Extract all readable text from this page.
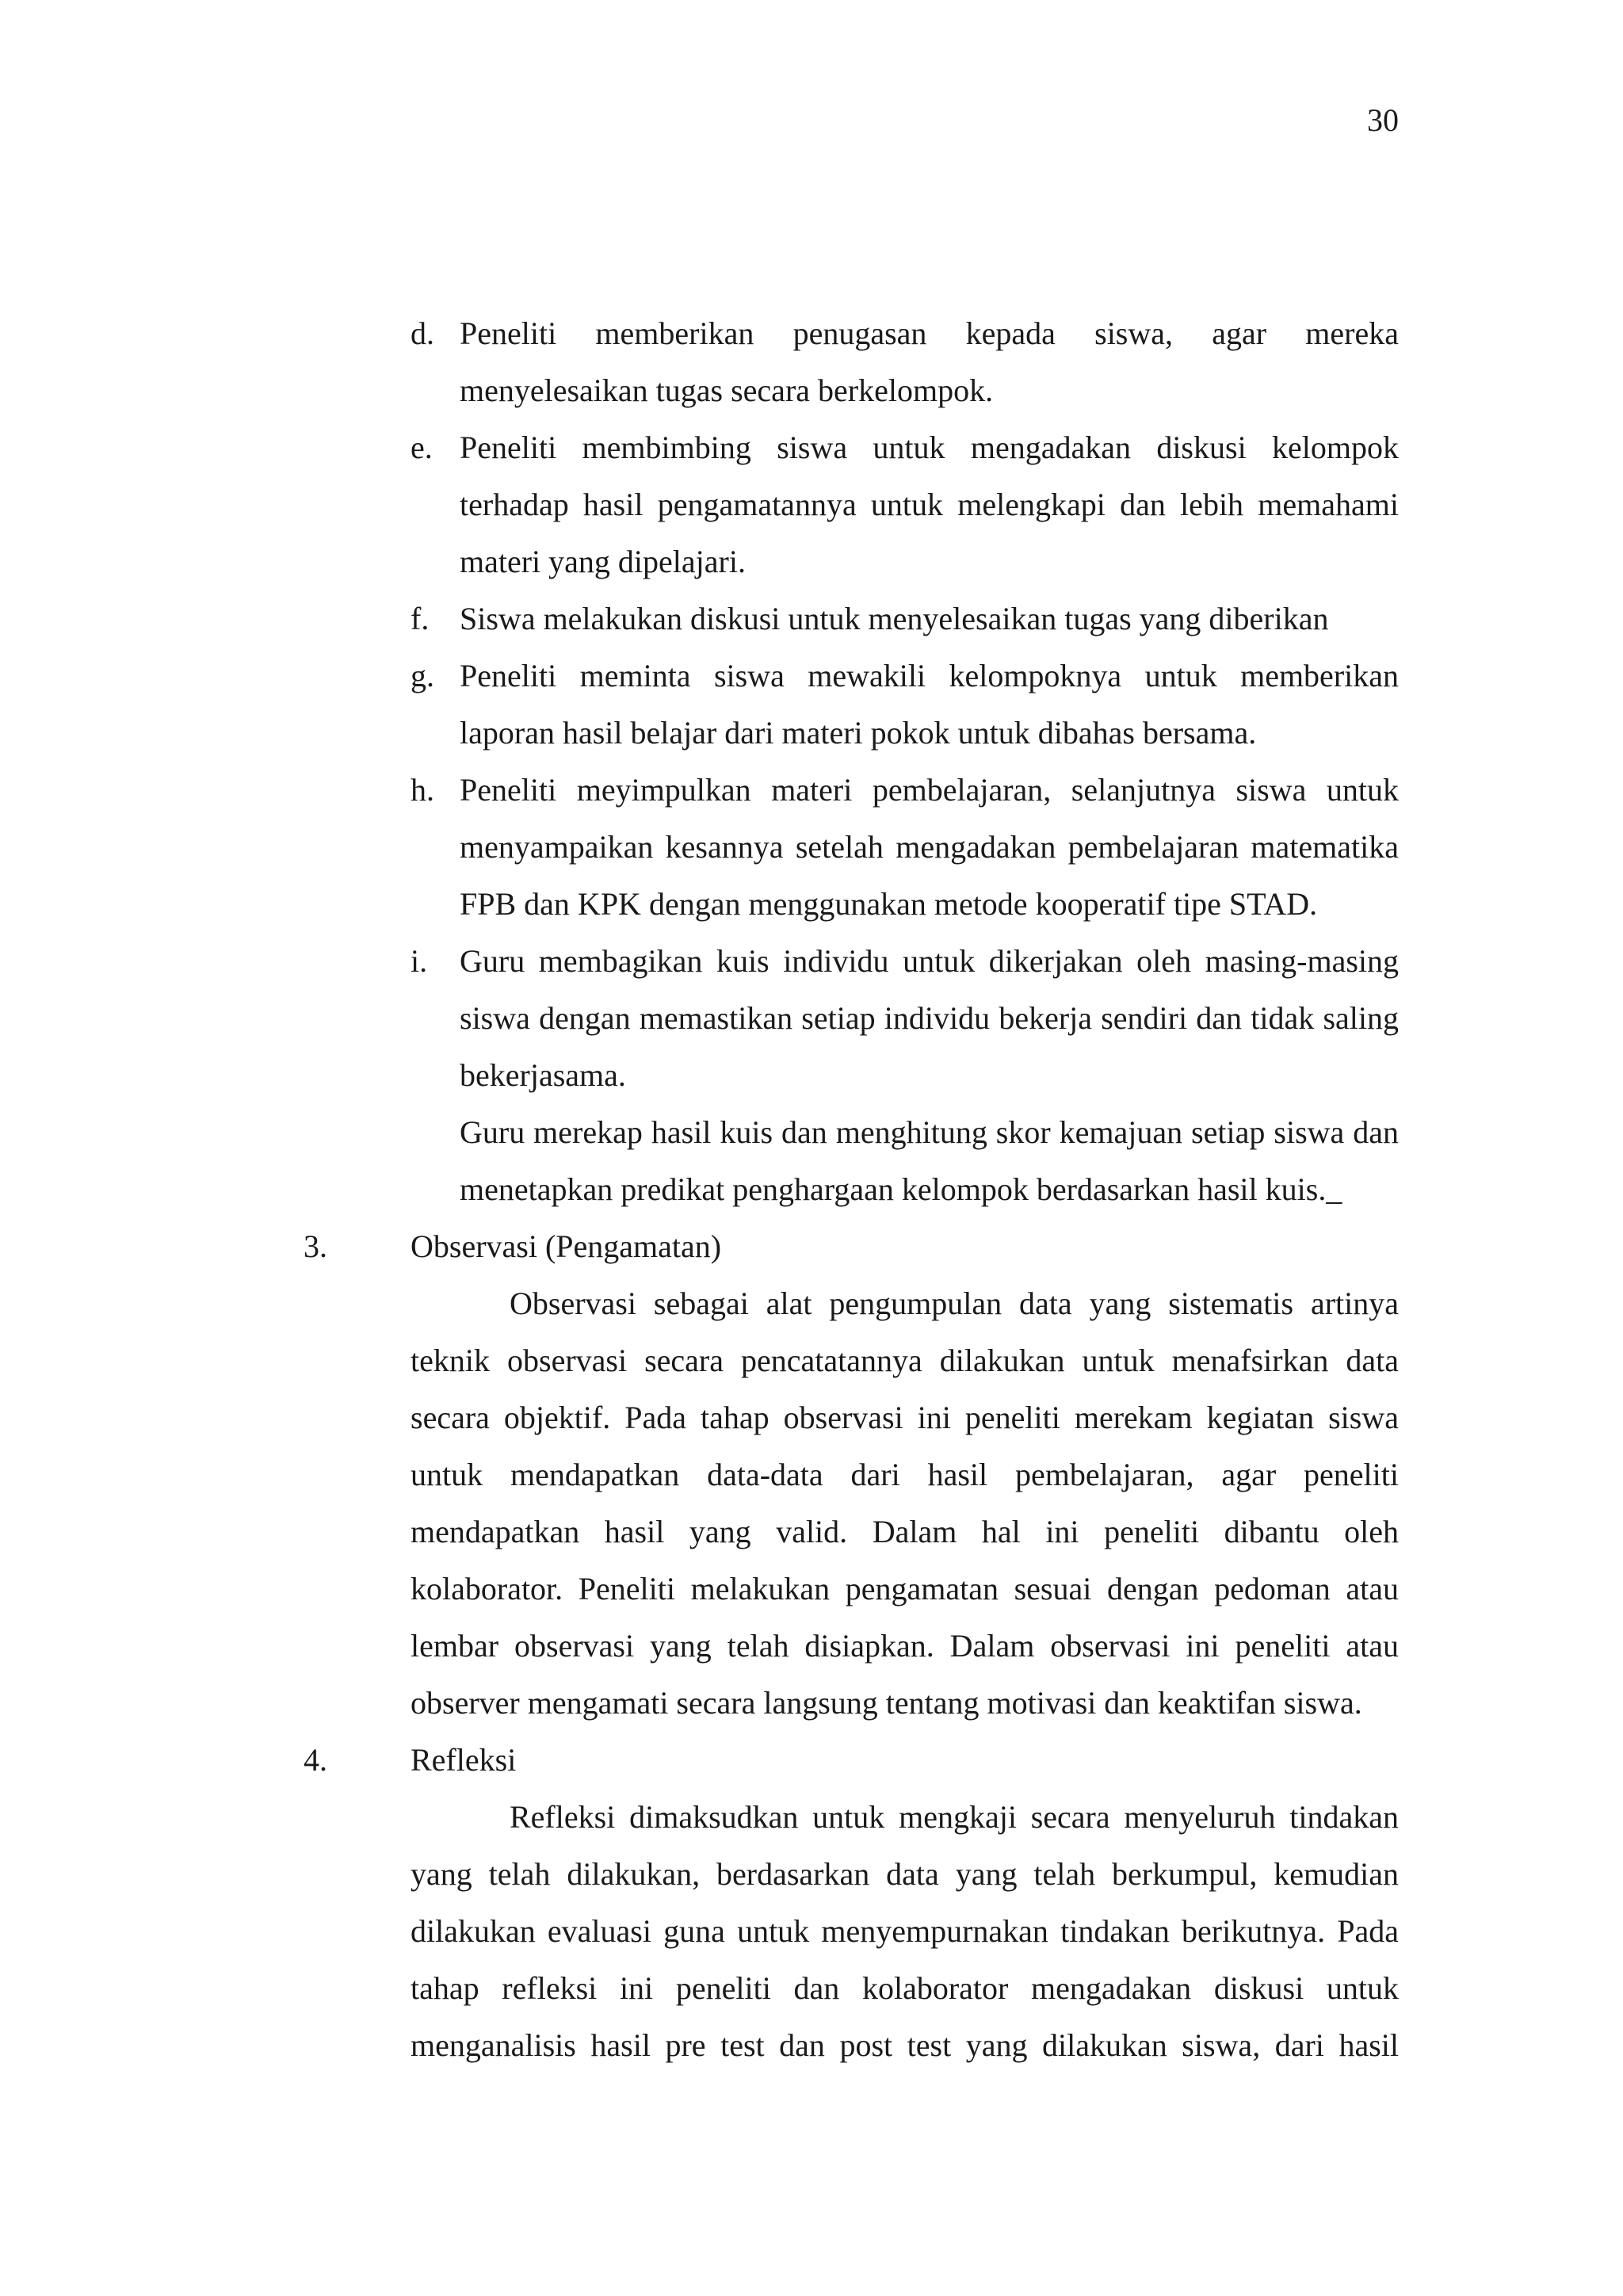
30
d. Peneliti memberikan penugasan kepada siswa, agar mereka menyelesaikan tugas secara berkelompok.
e. Peneliti membimbing siswa untuk mengadakan diskusi kelompok terhadap hasil pengamatannya untuk melengkapi dan lebih memahami materi yang dipelajari.
f. Siswa melakukan diskusi untuk menyelesaikan tugas yang diberikan
g. Peneliti meminta siswa mewakili kelompoknya untuk memberikan laporan hasil belajar dari materi pokok untuk dibahas bersama.
h. Peneliti meyimpulkan materi pembelajaran, selanjutnya siswa untuk menyampaikan kesannya setelah mengadakan pembelajaran matematika FPB dan KPK dengan menggunakan metode kooperatif tipe STAD.
i. Guru membagikan kuis individu untuk dikerjakan oleh masing-masing siswa dengan memastikan setiap individu bekerja sendiri dan tidak saling bekerjasama.
Guru merekap hasil kuis dan menghitung skor kemajuan setiap siswa dan menetapkan predikat penghargaan kelompok berdasarkan hasil kuis._
3.	Observasi (Pengamatan)
Observasi sebagai alat pengumpulan data yang sistematis artinya teknik observasi secara pencatatannya dilakukan untuk menafsirkan data secara objektif. Pada tahap observasi ini peneliti merekam kegiatan siswa untuk mendapatkan data-data dari hasil pembelajaran, agar peneliti mendapatkan hasil yang valid. Dalam hal ini peneliti dibantu oleh kolaborator. Peneliti melakukan pengamatan sesuai dengan pedoman atau lembar observasi yang telah disiapkan. Dalam observasi ini peneliti atau observer mengamati secara langsung tentang motivasi dan keaktifan siswa.
4.	Refleksi
Refleksi dimaksudkan untuk mengkaji secara menyeluruh tindakan yang telah dilakukan, berdasarkan data yang telah berkumpul, kemudian dilakukan evaluasi guna untuk menyempurnakan tindakan berikutnya. Pada tahap refleksi ini peneliti dan kolaborator mengadakan diskusi untuk menganalisis hasil pre test dan post test yang dilakukan siswa, dari hasil
